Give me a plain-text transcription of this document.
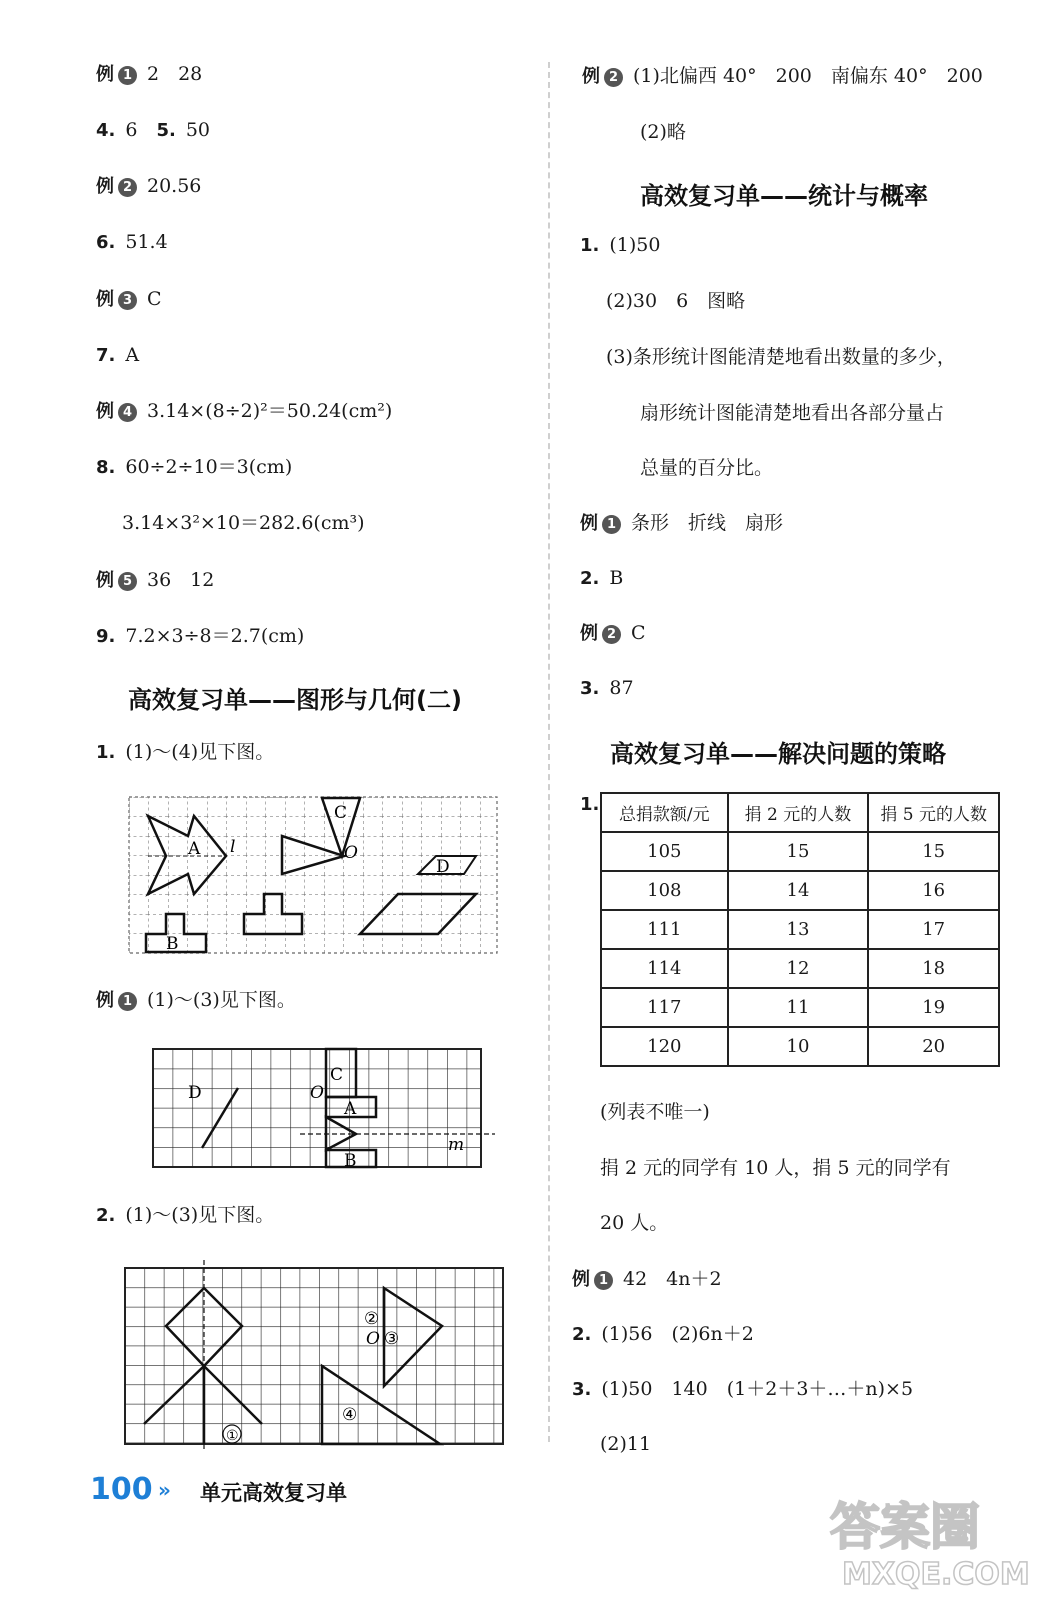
例 1 2　28
4. 6　5. 50
例 2 20.56
6. 51.4
例 3 C
7. A
例 4 3.14×(8÷2)²＝50.24(cm²)
8. 60÷2÷10＝3(cm)
3.14×3²×10＝282.6(cm³)
例 5 36　12
9. 7.2×3÷8＝2.7(cm)
高效复习单——图形与几何(二)
1. (1)～(4)见下图。
A
B
C
D
l	O
例 1 (1)～(3)见下图。
D
A
B
C
O
m
2. (1)～(3)见下图。
①
②
③
④
O
例 2 (1)北偏西 40°　200　南偏东 40°　200
(2)略
高效复习单——统计与概率
1. (1)50
(2)30　6　图略
(3)条形统计图能清楚地看出数量的多少，
扇形统计图能清楚地看出各部分量占
总量的百分比。
例 1 条形　折线　扇形
2. B
例 2 C
3. 87
高效复习单——解决问题的策略
1.	总捐款额/元	捐 2 元的人数	捐 5 元的人数
105	15	15
108	14	16
111	13	17
114	12	18
117	11	19
120	10	20
(列表不唯一)
捐 2 元的同学有 10 人，捐 5 元的同学有
20 人。
例 1 42　4n＋2
2. (1)56　(2)6n＋2
3. (1)50　140　(1＋2＋3＋…＋n)×5
(2)11
100 » 单元高效复习单
答案圈
MXQE.COM
